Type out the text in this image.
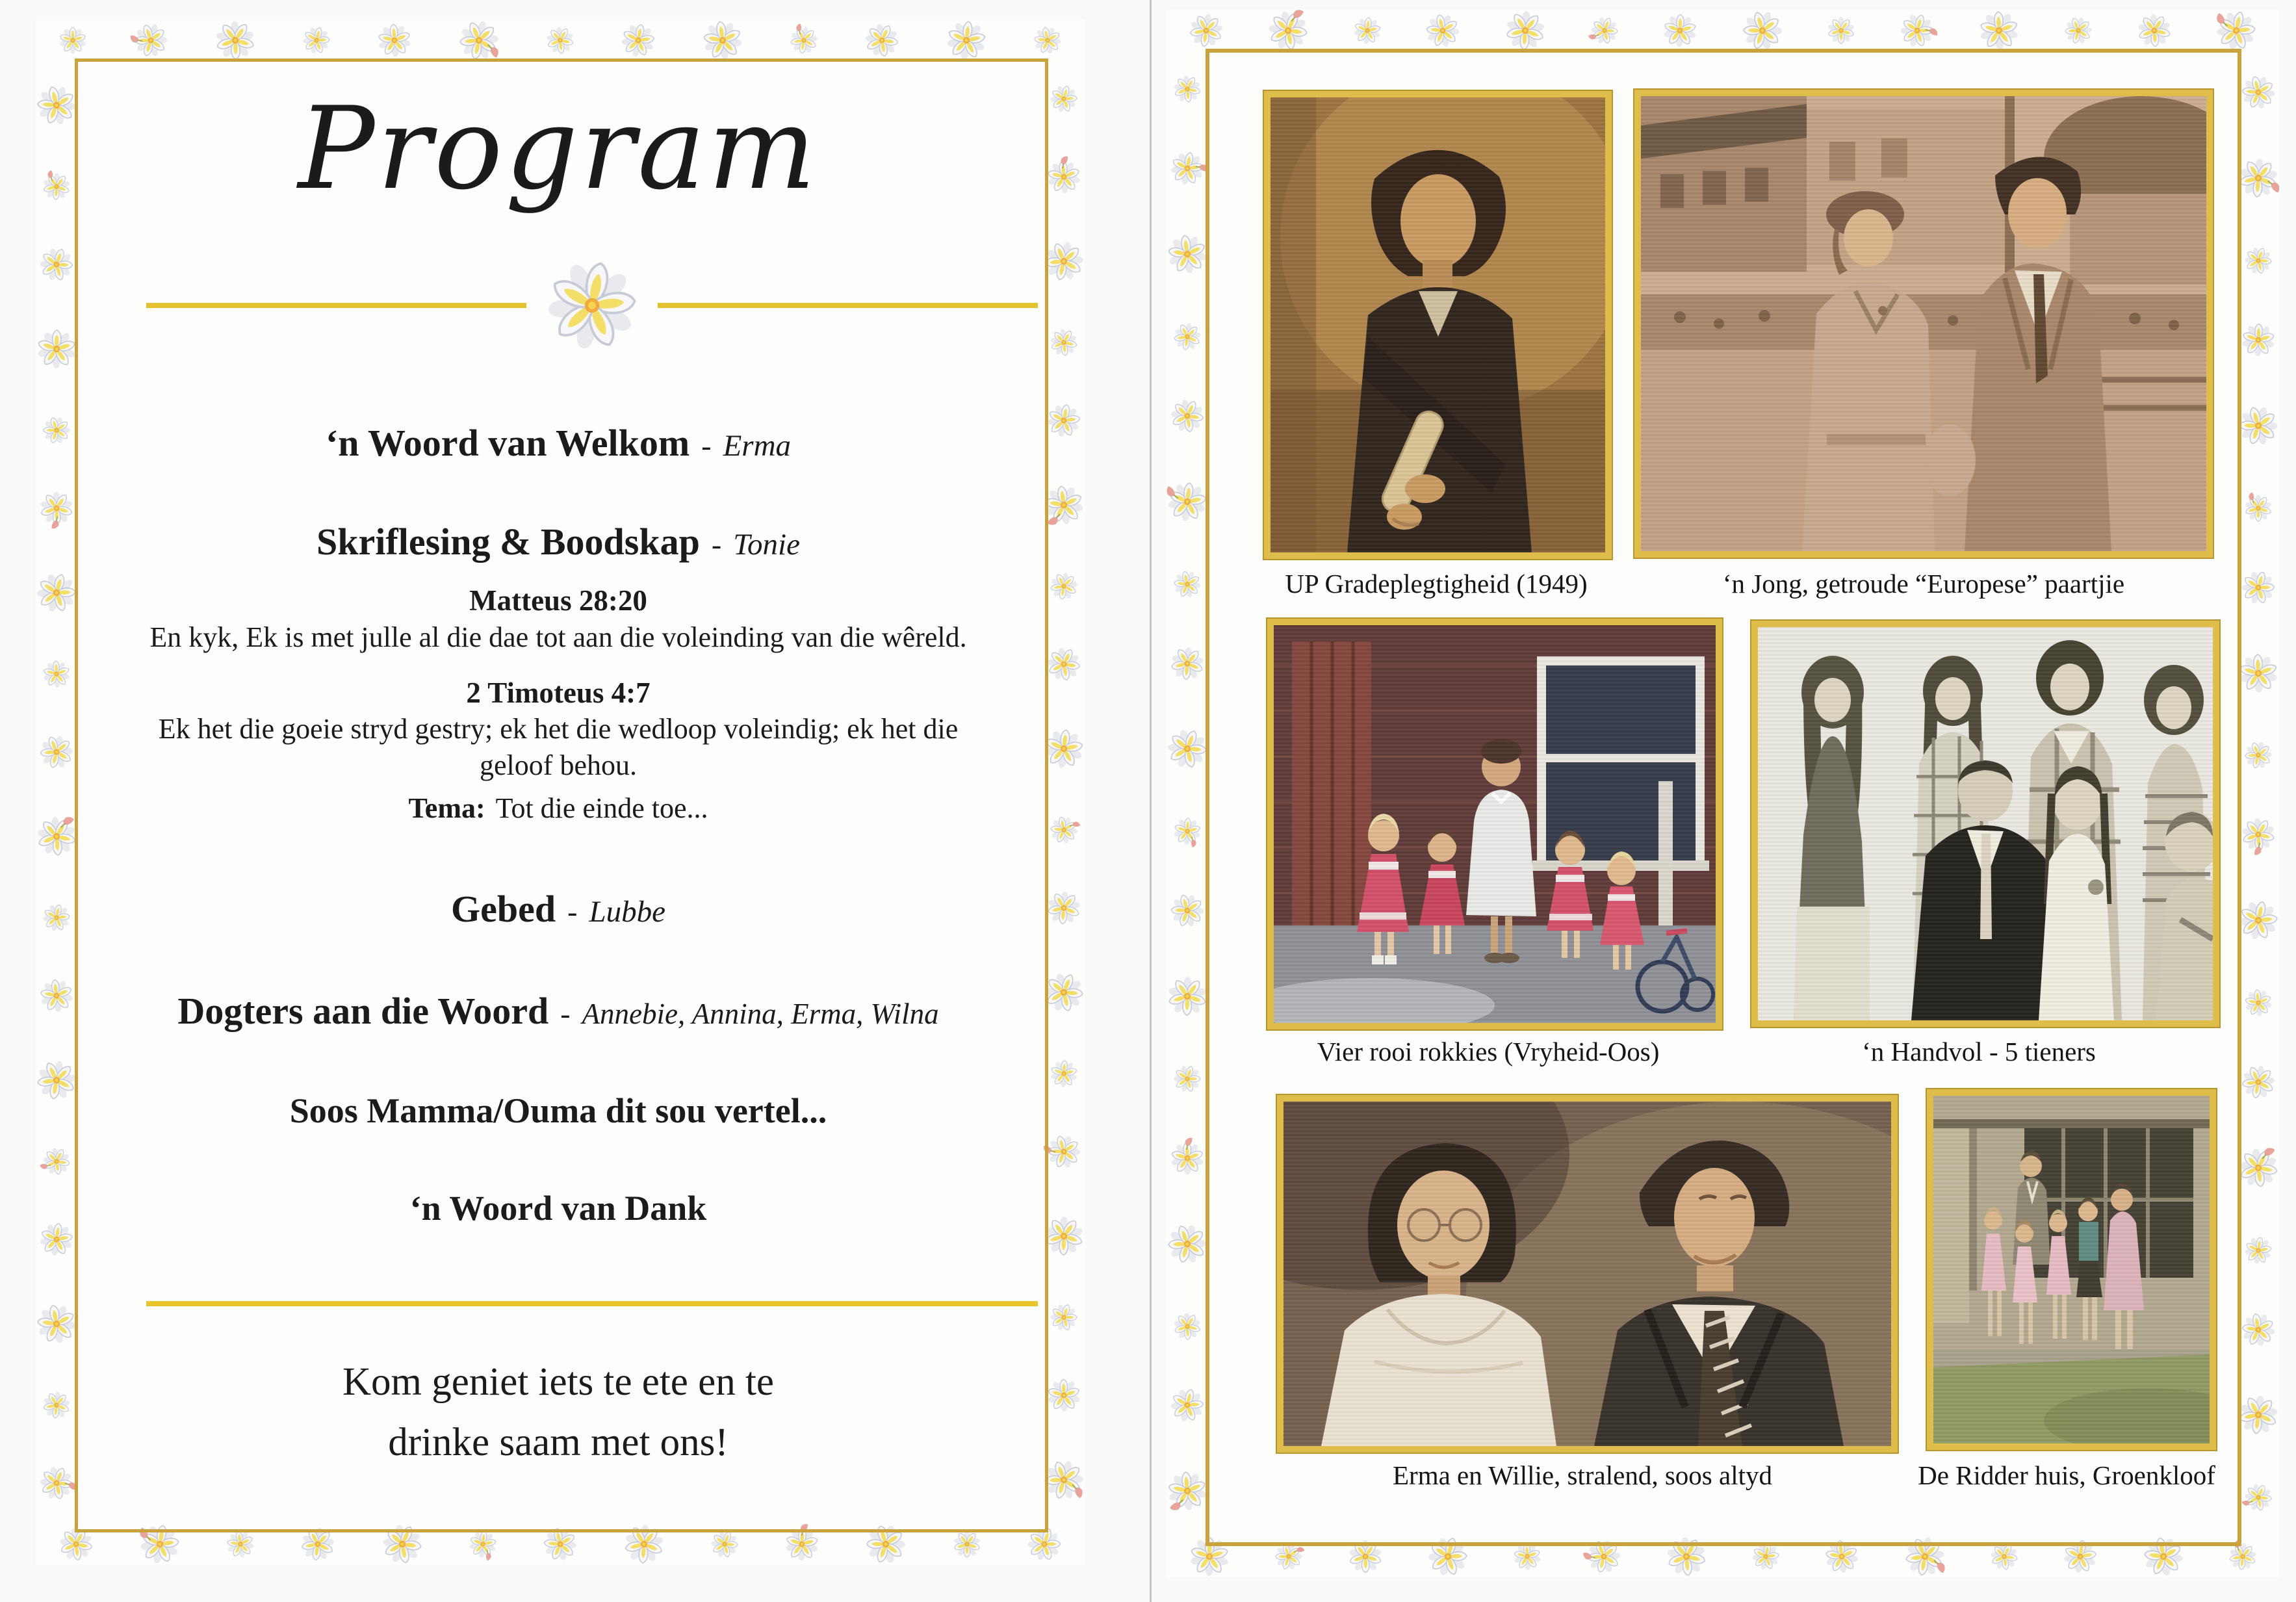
Program
‘n Woord van Welkom - Erma
Skriflesing & Boodskap - Tonie
Matteus 28:20
En kyk, Ek is met julle al die dae tot aan die voleinding van die wêreld.
2 Timoteus 4:7
Ek het die goeie stryd gestry; ek het die wedloop voleindig; ek het die
geloof behou.
Tema: Tot die einde toe...
Gebed - Lubbe
Dogters aan die Woord - Annebie, Annina, Erma, Wilna
Soos Mamma/Ouma dit sou vertel...
‘n Woord van Dank
Kom geniet iets te ete en te
drinke saam met ons!
UP Gradeplegtigheid (1949)	‘n Jong, getroude “Europese” paartjie
Vier rooi rokkies (Vryheid-Oos)	‘n Handvol - 5 tieners
Erma en Willie, stralend, soos altyd	De Ridder huis, Groenkloof
